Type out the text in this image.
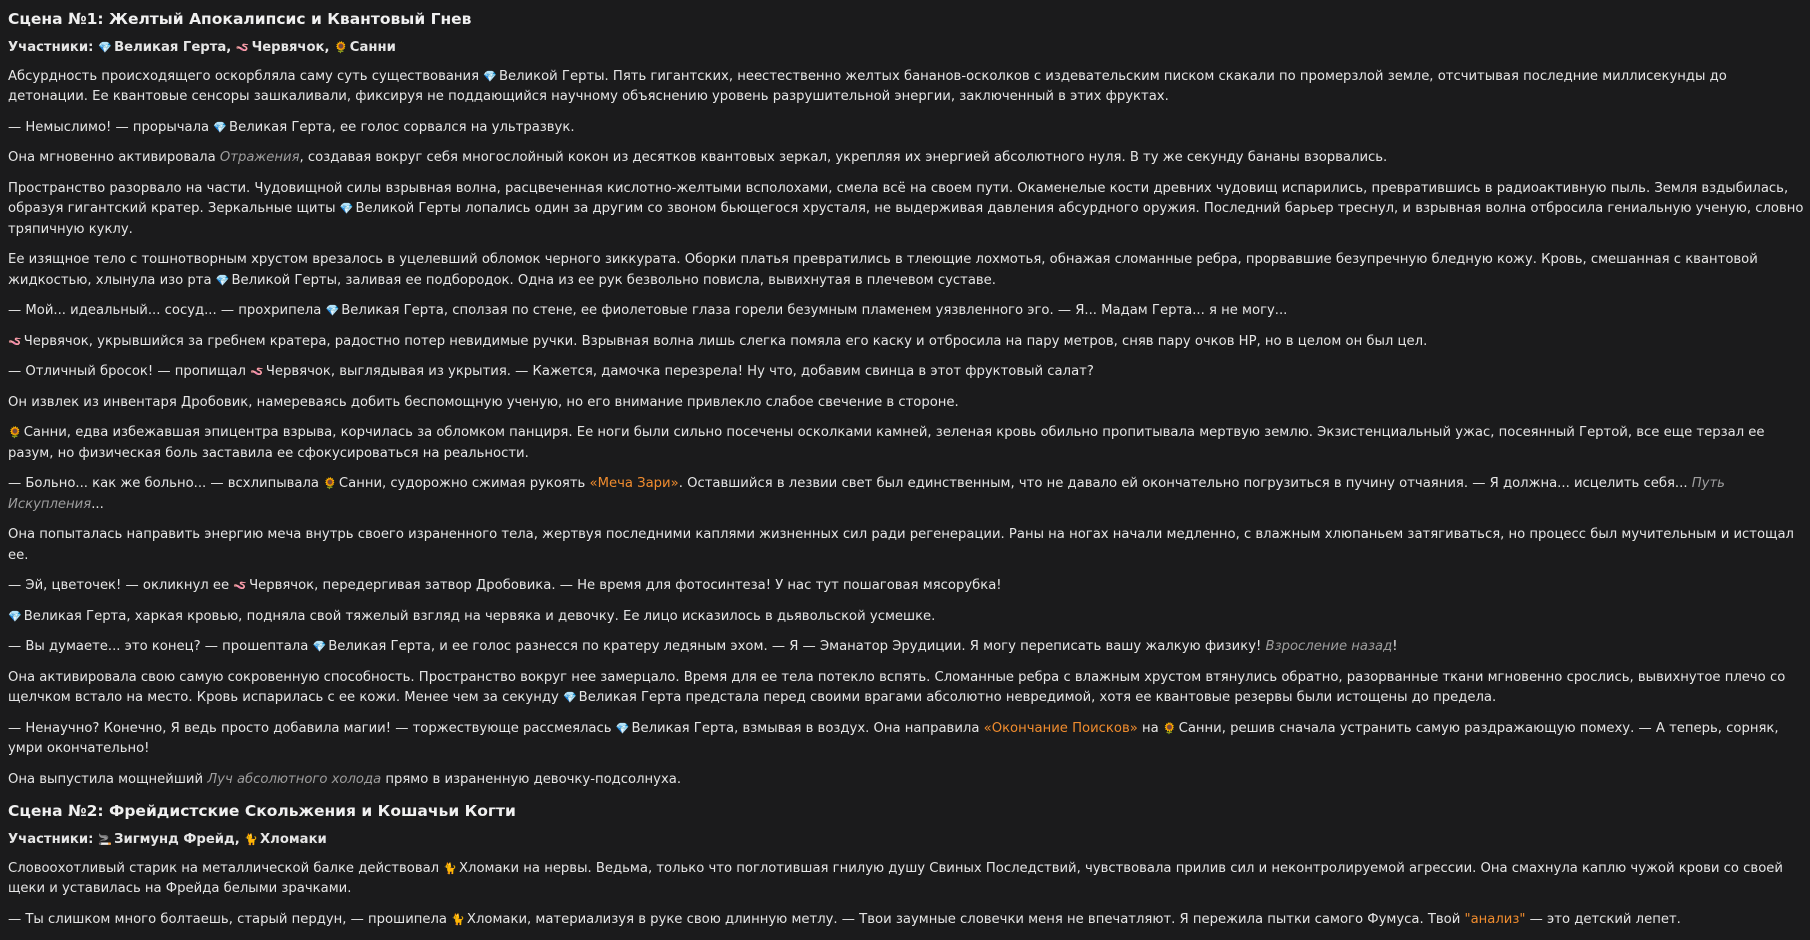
Сцена №1: Желтый Апокалипсис и Квантовый Гнев
Участники: 💎 Великая Герта, 🪱 Червячок, 🌻 Санни

Абсурдность происходящего оскорбляла саму суть существования 💎 Великой Герты. Пять гигантских, неестественно желтых бананов-осколков с издевательским писком скакали по промерзлой земле, отсчитывая последние миллисекунды до детонации. Ее квантовые сенсоры зашкаливали, фиксируя не поддающийся научному объяснению уровень разрушительной энергии, заключенный в этих фруктах.

— Немыслимо! — прорычала 💎 Великая Герта, ее голос сорвался на ультразвук.

Она мгновенно активировала Отражения, создавая вокруг себя многослойный кокон из десятков квантовых зеркал, укрепляя их энергией абсолютного нуля. В ту же секунду бананы взорвались.

Пространство разорвало на части. Чудовищной силы взрывная волна, расцвеченная кислотно-желтыми всполохами, смела всё на своем пути. Окаменелые кости древних чудовищ испарились, превратившись в радиоактивную пыль. Земля вздыбилась, образуя гигантский кратер. Зеркальные щиты 💎 Великой Герты лопались один за другим со звоном бьющегося хрусталя, не выдерживая давления абсурдного оружия. Последний барьер треснул, и взрывная волна отбросила гениальную ученую, словно тряпичную куклу.

Ее изящное тело с тошнотворным хрустом врезалось в уцелевший обломок черного зиккурата. Оборки платья превратились в тлеющие лохмотья, обнажая сломанные ребра, прорвавшие безупречную бледную кожу. Кровь, смешанная с квантовой жидкостью, хлынула изо рта 💎 Великой Герты, заливая ее подбородок. Одна из ее рук безвольно повисла, вывихнутая в плечевом суставе.

— Мой... идеальный... сосуд... — прохрипела 💎 Великая Герта, сползая по стене, ее фиолетовые глаза горели безумным пламенем уязвленного эго. — Я... Мадам Герта... я не могу...

🪱 Червячок, укрывшийся за гребнем кратера, радостно потер невидимые ручки. Взрывная волна лишь слегка помяла его каску и отбросила на пару метров, сняв пару очков HP, но в целом он был цел.

— Отличный бросок! — пропищал 🪱 Червячок, выглядывая из укрытия. — Кажется, дамочка перезрела! Ну что, добавим свинца в этот фруктовый салат?

Он извлек из инвентаря Дробовик, намереваясь добить беспомощную ученую, но его внимание привлекло слабое свечение в стороне.

🌻 Санни, едва избежавшая эпицентра взрыва, корчилась за обломком панциря. Ее ноги были сильно посечены осколками камней, зеленая кровь обильно пропитывала мертвую землю. Экзистенциальный ужас, посеянный Гертой, все еще терзал ее разум, но физическая боль заставила ее сфокусироваться на реальности.

— Больно... как же больно... — всхлипывала 🌻 Санни, судорожно сжимая рукоять «Меча Зари». Оставшийся в лезвии свет был единственным, что не давало ей окончательно погрузиться в пучину отчаяния. — Я должна... исцелить себя... Путь Искупления...

Она попыталась направить энергию меча внутрь своего израненного тела, жертвуя последними каплями жизненных сил ради регенерации. Раны на ногах начали медленно, с влажным хлюпаньем затягиваться, но процесс был мучительным и истощал ее.

— Эй, цветочек! — окликнул ее 🪱 Червячок, передергивая затвор Дробовика. — Не время для фотосинтеза! У нас тут пошаговая мясорубка!

💎 Великая Герта, харкая кровью, подняла свой тяжелый взгляд на червяка и девочку. Ее лицо исказилось в дьявольской усмешке.

— Вы думаете... это конец? — прошептала 💎 Великая Герта, и ее голос разнесся по кратеру ледяным эхом. — Я — Эманатор Эрудиции. Я могу переписать вашу жалкую физику! Взросление назад!

Она активировала свою самую сокровенную способность. Пространство вокруг нее замерцало. Время для ее тела потекло вспять. Сломанные ребра с влажным хрустом втянулись обратно, разорванные ткани мгновенно срослись, вывихнутое плечо со щелчком встало на место. Кровь испарилась с ее кожи. Менее чем за секунду 💎 Великая Герта предстала перед своими врагами абсолютно невредимой, хотя ее квантовые резервы были истощены до предела.

— Ненаучно? Конечно, Я ведь просто добавила магии! — торжествующе рассмеялась 💎 Великая Герта, взмывая в воздух. Она направила «Окончание Поисков» на 🌻 Санни, решив сначала устранить самую раздражающую помеху. — А теперь, сорняк, умри окончательно!

Она выпустила мощнейший Луч абсолютного холода прямо в израненную девочку-подсолнуха.

Сцена №2: Фрейдистские Скольжения и Кошачьи Когти
Участники: 🚬 Зигмунд Фрейд, 🐈 Хломаки

Словоохотливый старик на металлической балке действовал 🐈 Хломаки на нервы. Ведьма, только что поглотившая гнилую душу Свиных Последствий, чувствовала прилив сил и неконтролируемой агрессии. Она смахнула каплю чужой крови со своей щеки и уставилась на Фрейда белыми зрачками.

— Ты слишком много болтаешь, старый пердун, — прошипела 🐈 Хломаки, материализуя в руке свою длинную метлу. — Твои заумные словечки меня не впечатляют. Я пережила пытки самого Фумуса. Твой "анализ" — это детский лепет.
